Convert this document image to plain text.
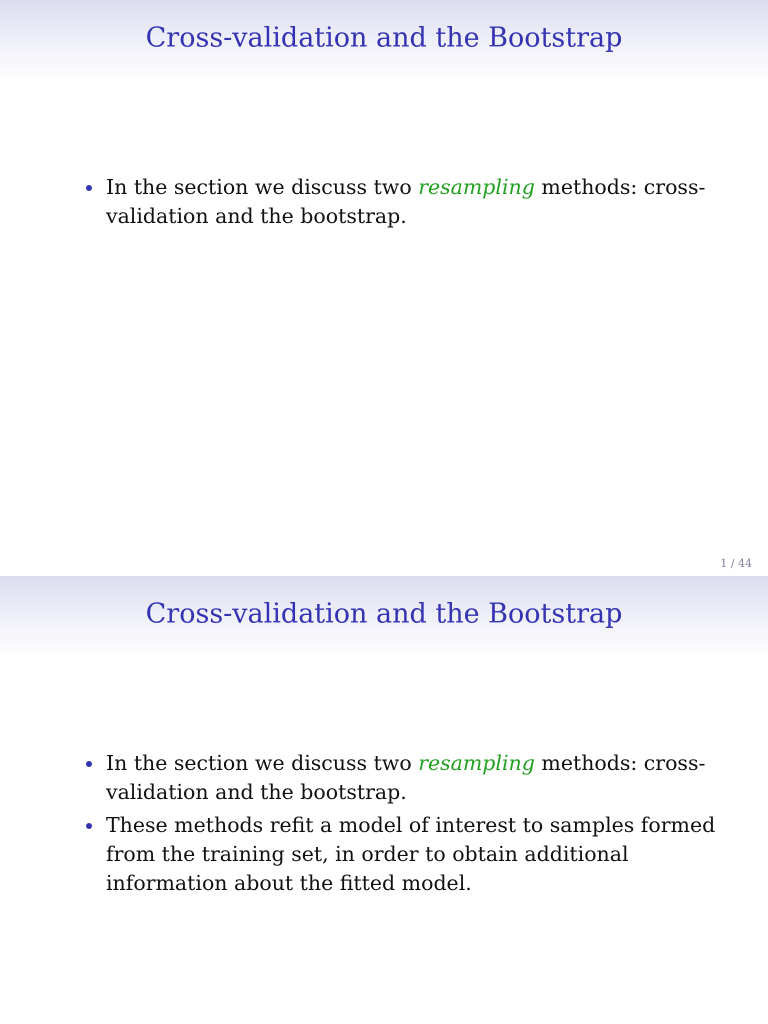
Cross-validation and the Bootstrap
In the section we discuss two resampling methods: cross-validation and the bootstrap.
1 / 44
Cross-validation and the Bootstrap
In the section we discuss two resampling methods: cross-validation and the bootstrap.
These methods refit a model of interest to samples formed from the training set, in order to obtain additional information about the fitted model.
